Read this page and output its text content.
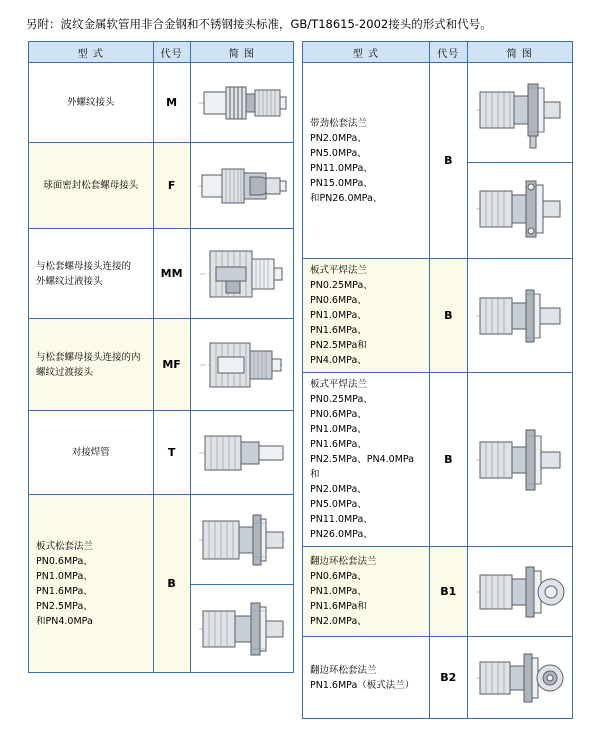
另附：波纹金属软管用非合金钢和不锈钢接头标准，GB/T18615-2002接头的形式和代号。
型 式	代号	简 图
外螺纹接头	M	

球面密封松套螺母接头	F	

与松套螺母接头连接的
外螺纹过液接头	MM	

与松套螺母接头连接的内
螺纹过渡接头	MF	

对接焊管	T	

板式松套法兰
PN0.6MPa、PN1.0MPa、
PN1.6MPa、PN2.5MPa、
和PN4.0MPa	B	

型 式	代号	简 图
带劲松套法兰
PN2.0MPa、PN5.0MPa、
PN11.0MPa、PN15.0MPa、
和PN26.0MPa、	B	

板式平焊法兰
PN0.25MPa、PN0.6MPa、
PN1.0MPa、PN1.6MPa、
PN2.5MPa和PN4.0MPa、	B	

板式平焊法兰
PN0.25MPa、PN0.6MPa、
PN1.0MPa、PN1.6MPa、
PN2.5MPa、PN4.0MPa 和
PN2.0MPa、PN5.0MPa、
PN11.0MPa、PN26.0MPa、	B	

翻边环松套法兰
PN0.6MPa、PN1.0MPa、
PN1.6MPa和PN2.0MPa、	B1	

翻边环松套法兰
PN1.6MPa（板式法兰）	B2	
